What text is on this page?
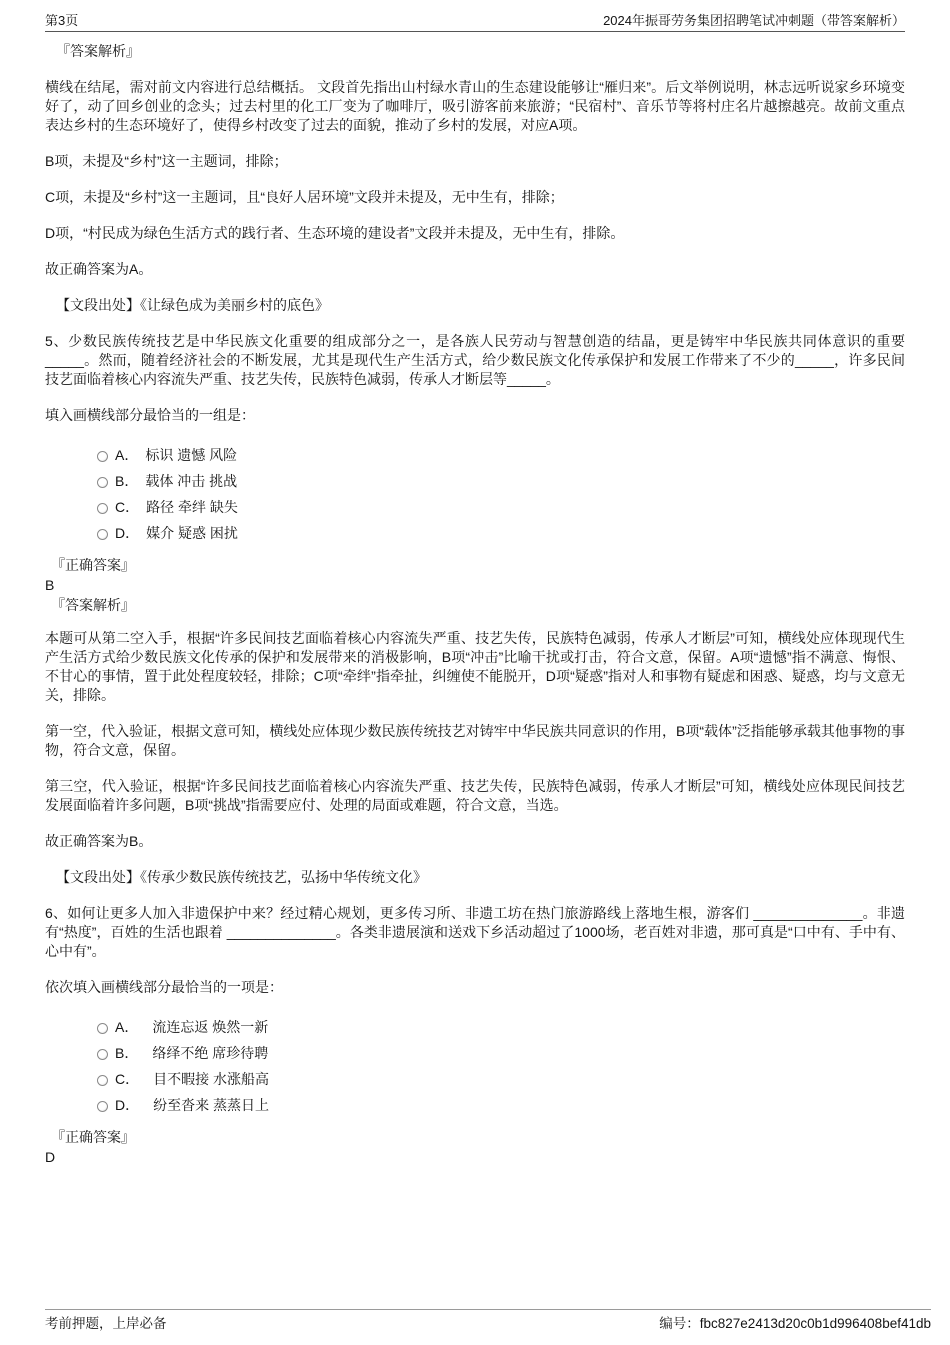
第3页	2024年振哥劳务集团招聘笔试冲刺题（带答案解析）

『答案解析』

横线在结尾，需对前文内容进行总结概括。 文段首先指出山村绿水青山的生态建设能够让“雁归来”。后文举例说明，林志远听说家乡环境变好了，动了回乡创业的念头；过去村里的化工厂变为了咖啡厅，吸引游客前来旅游；“民宿村”、音乐节等将村庄名片越擦越亮。故前文重点表达乡村的生态环境好了，使得乡村改变了过去的面貌，推动了乡村的发展，对应A项。

B项，未提及“乡村”这一主题词，排除；

C项，未提及“乡村”这一主题词，且“良好人居环境”文段并未提及，无中生有，排除；

D项，“村民成为绿色生活方式的践行者、生态环境的建设者”文段并未提及，无中生有，排除。

故正确答案为A。

【文段出处】《让绿色成为美丽乡村的底色》

5、少数民族传统技艺是中华民族文化重要的组成部分之一，是各族人民劳动与智慧创造的结晶，更是铸牢中华民族共同体意识的重要_____。然而，随着经济社会的不断发展，尤其是现代生产生活方式，给少数民族文化传承保护和发展工作带来了不少的_____，许多民间技艺面临着核心内容流失严重、技艺失传，民族特色减弱，传承人才断层等_____。

填入画横线部分最恰当的一组是：

A． 标识 遗憾 风险
B． 载体 冲击 挑战
C． 路径 牵绊 缺失
D． 媒介 疑惑 困扰

『正确答案』

B

『答案解析』

本题可从第二空入手，根据“许多民间技艺面临着核心内容流失严重、技艺失传，民族特色减弱，传承人才断层”可知，横线处应体现现代生产生活方式给少数民族文化传承的保护和发展带来的消极影响，B项“冲击”比喻干扰或打击，符合文意，保留。A项“遗憾”指不满意、悔恨、不甘心的事情，置于此处程度较轻，排除；C项“牵绊”指牵扯，纠缠使不能脱开，D项“疑惑”指对人和事物有疑虑和困惑、疑惑，均与文意无关，排除。

第一空，代入验证，根据文意可知，横线处应体现少数民族传统技艺对铸牢中华民族共同意识的作用，B项“载体”泛指能够承载其他事物的事物，符合文意，保留。

第三空，代入验证，根据“许多民间技艺面临着核心内容流失严重、技艺失传，民族特色减弱，传承人才断层”可知，横线处应体现民间技艺发展面临着许多问题，B项“挑战”指需要应付、处理的局面或难题，符合文意，当选。

故正确答案为B。

【文段出处】《传承少数民族传统技艺，弘扬中华传统文化》

6、如何让更多人加入非遗保护中来？经过精心规划，更多传习所、非遗工坊在热门旅游路线上落地生根，游客们 ______________。非遗有“热度”，百姓的生活也跟着 ______________。各类非遗展演和送戏下乡活动超过了1000场，老百姓对非遗，那可真是“口中有、手中有、心中有”。

依次填入画横线部分最恰当的一项是：

A． 流连忘返 焕然一新
B． 络绎不绝 席珍待聘
C． 目不暇接 水涨船高
D． 纷至沓来 蒸蒸日上

『正确答案』

D

考前押题，上岸必备	编号：fbc827e2413d20c0b1d996408bef41db
